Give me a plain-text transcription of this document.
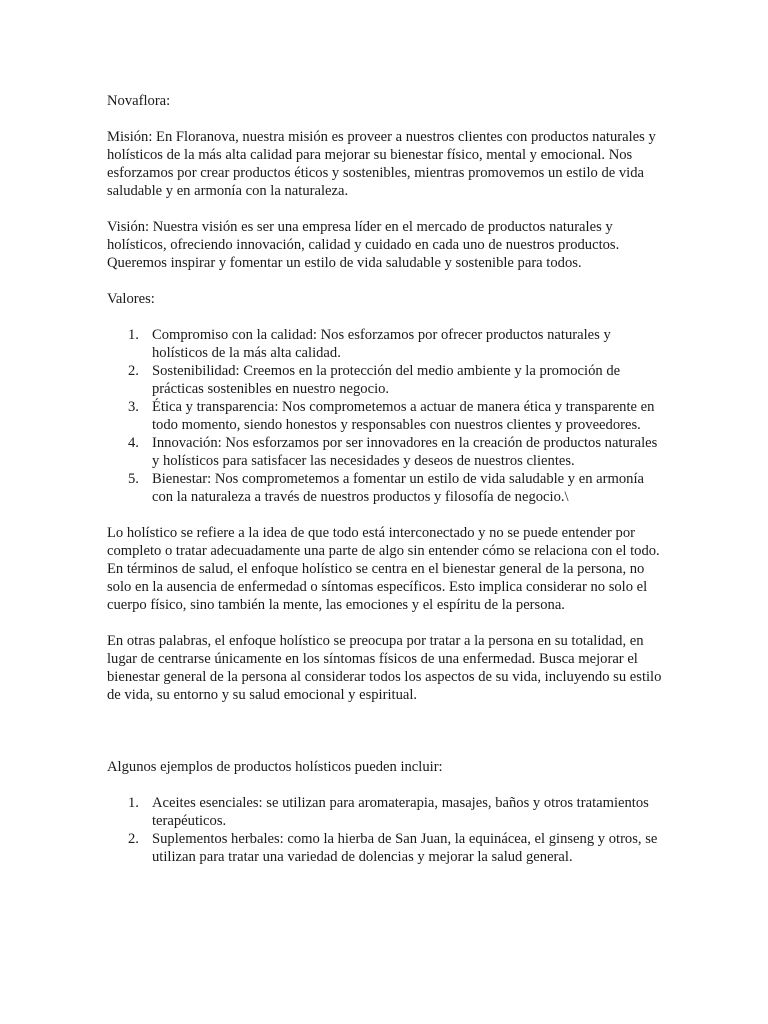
Novaflora:

Misión: En Floranova, nuestra misión es proveer a nuestros clientes con productos naturales y holísticos de la más alta calidad para mejorar su bienestar físico, mental y emocional. Nos esforzamos por crear productos éticos y sostenibles, mientras promovemos un estilo de vida saludable y en armonía con la naturaleza.

Visión: Nuestra visión es ser una empresa líder en el mercado de productos naturales y holísticos, ofreciendo innovación, calidad y cuidado en cada uno de nuestros productos. Queremos inspirar y fomentar un estilo de vida saludable y sostenible para todos.

Valores:

1. Compromiso con la calidad: Nos esforzamos por ofrecer productos naturales y holísticos de la más alta calidad.
2. Sostenibilidad: Creemos en la protección del medio ambiente y la promoción de prácticas sostenibles en nuestro negocio.
3. Ética y transparencia: Nos comprometemos a actuar de manera ética y transparente en todo momento, siendo honestos y responsables con nuestros clientes y proveedores.
4. Innovación: Nos esforzamos por ser innovadores en la creación de productos naturales y holísticos para satisfacer las necesidades y deseos de nuestros clientes.
5. Bienestar: Nos comprometemos a fomentar un estilo de vida saludable y en armonía con la naturaleza a través de nuestros productos y filosofía de negocio.\

Lo holístico se refiere a la idea de que todo está interconectado y no se puede entender por completo o tratar adecuadamente una parte de algo sin entender cómo se relaciona con el todo. En términos de salud, el enfoque holístico se centra en el bienestar general de la persona, no solo en la ausencia de enfermedad o síntomas específicos. Esto implica considerar no solo el cuerpo físico, sino también la mente, las emociones y el espíritu de la persona.

En otras palabras, el enfoque holístico se preocupa por tratar a la persona en su totalidad, en lugar de centrarse únicamente en los síntomas físicos de una enfermedad. Busca mejorar el bienestar general de la persona al considerar todos los aspectos de su vida, incluyendo su estilo de vida, su entorno y su salud emocional y espiritual.

Algunos ejemplos de productos holísticos pueden incluir:

1. Aceites esenciales: se utilizan para aromaterapia, masajes, baños y otros tratamientos terapéuticos.
2. Suplementos herbales: como la hierba de San Juan, la equinácea, el ginseng y otros, se utilizan para tratar una variedad de dolencias y mejorar la salud general.
